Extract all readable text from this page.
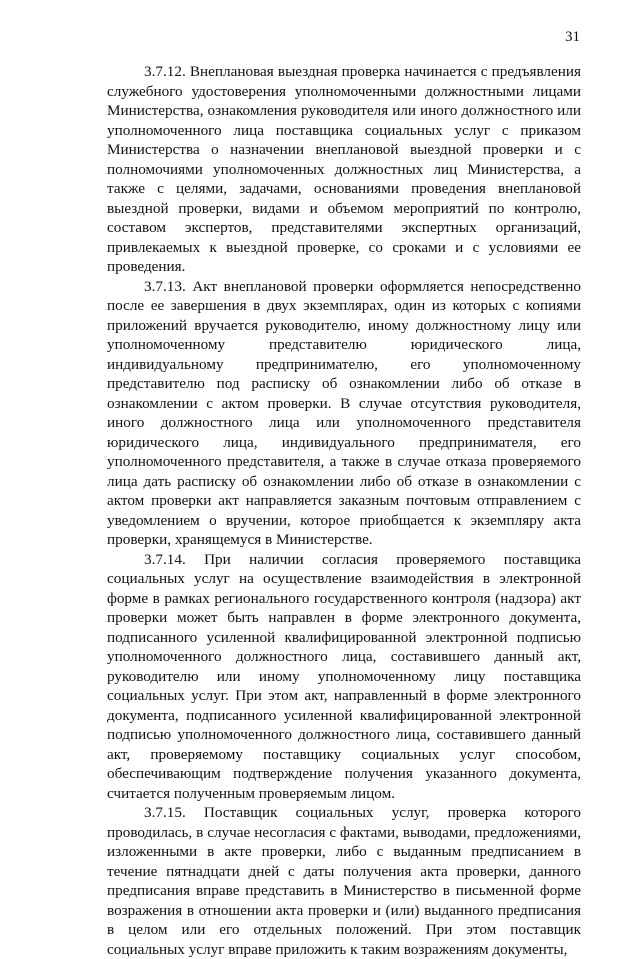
31

3.7.12. Внеплановая выездная проверка начинается с предъявления служебного удостоверения уполномоченными должностными лицами Министерства, ознакомления руководителя или иного должностного или уполномоченного лица поставщика социальных услуг с приказом Министерства о назначении внеплановой выездной проверки и с полномочиями уполномоченных должностных лиц Министерства, а также с целями, задачами, основаниями проведения внеплановой выездной проверки, видами и объемом мероприятий по контролю, составом экспертов, представителями экспертных организаций, привлекаемых к выездной проверке, со сроками и с условиями ее проведения.

3.7.13. Акт внеплановой проверки оформляется непосредственно после ее завершения в двух экземплярах, один из которых с копиями приложений вручается руководителю, иному должностному лицу или уполномоченному представителю юридического лица, индивидуальному предпринимателю, его уполномоченному представителю под расписку об ознакомлении либо об отказе в ознакомлении с актом проверки. В случае отсутствия руководителя, иного должностного лица или уполномоченного представителя юридического лица, индивидуального предпринимателя, его уполномоченного представителя, а также в случае отказа проверяемого лица дать расписку об ознакомлении либо об отказе в ознакомлении с актом проверки акт направляется заказным почтовым отправлением с уведомлением о вручении, которое приобщается к экземпляру акта проверки, хранящемуся в Министерстве.

3.7.14. При наличии согласия проверяемого поставщика социальных услуг на осуществление взаимодействия в электронной форме в рамках регионального государственного контроля (надзора) акт проверки может быть направлен в форме электронного документа, подписанного усиленной квалифицированной электронной подписью уполномоченного должностного лица, составившего данный акт, руководителю или иному уполномоченному лицу поставщика социальных услуг. При этом акт, направленный в форме электронного документа, подписанного усиленной квалифицированной электронной подписью уполномоченного должностного лица, составившего данный акт, проверяемому поставщику социальных услуг способом, обеспечивающим подтверждение получения указанного документа, считается полученным проверяемым лицом.

3.7.15. Поставщик социальных услуг, проверка которого проводилась, в случае несогласия с фактами, выводами, предложениями, изложенными в акте проверки, либо с выданным предписанием в течение пятнадцати дней с даты получения акта проверки, данного предписания вправе представить в Министерство в письменной форме возражения в отношении акта проверки и (или) выданного предписания в целом или его отдельных положений. При этом поставщик социальных услуг вправе приложить к таким возражениям документы,
